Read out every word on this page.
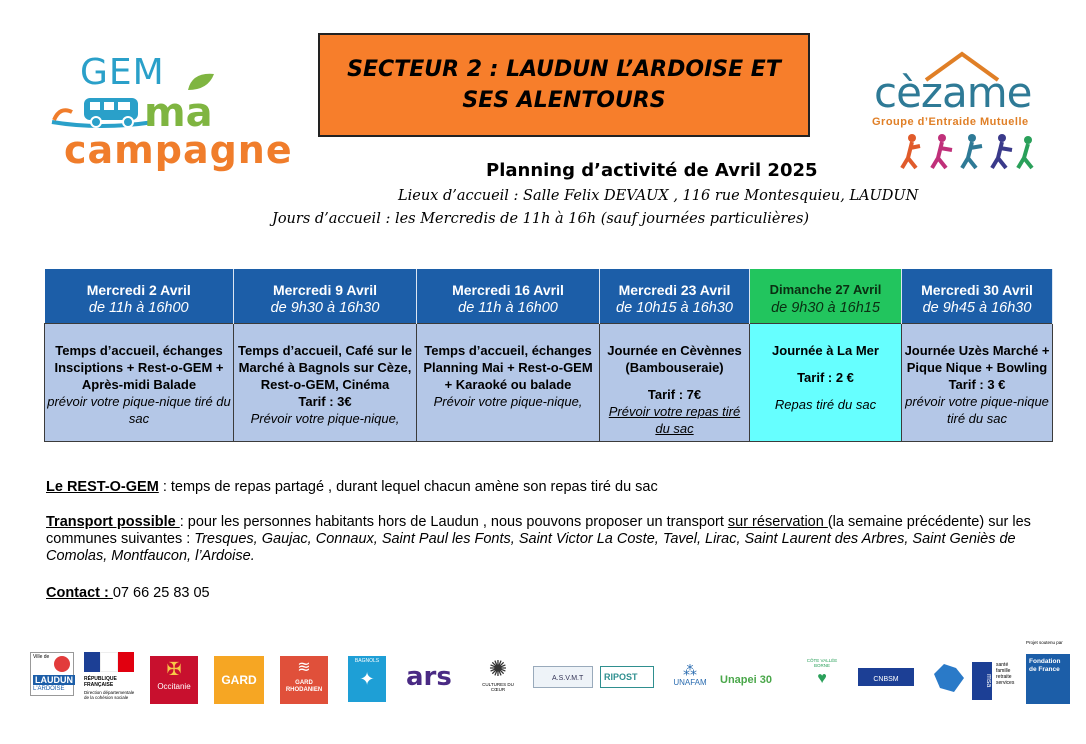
GEM
ma
campagne
SECTEUR 2 : LAUDUN L’ARDOISE ET SES ALENTOURS	cèzame
Groupe d’Entraide Mutuelle
Planning d’activité de Avril 2025
Lieux d’accueil : Salle Felix DEVAUX , 116 rue Montesquieu, LAUDUN
Jours d’accueil : les Mercredis de 11h à 16h (sauf journées particulières)
Mercredi 2 Avril
de 11h à 16h00	Mercredi 9 Avril
de 9h30 à 16h30	Mercredi 16 Avril
de 11h à 16h00	Mercredi 23 Avril
de 10h15 à 16h30	Dimanche 27 Avril
de 9h30 à 16h15	Mercredi 30 Avril
de 9h45 à 16h30

Temps d’accueil, échanges Insciptions + Rest-o-GEM + Après-midi Balade
prévoir votre pique-nique tiré du sac	Temps d’accueil, Café sur le Marché à Bagnols sur Cèze, Rest-o-GEM, Cinéma
Tarif : 3€
Prévoir votre pique-nique,	Temps d’accueil, échanges Planning Mai + Rest-o-GEM + Karaoké ou balade
Prévoir votre pique-nique,	Journée en Cèvènnes (Bambouseraie)
Tarif : 7€
Prévoir votre repas tiré du sac	Journée à La Mer
Tarif : 2 €
Repas tiré du sac	Journée Uzès Marché + Pique Nique + Bowling
Tarif : 3 €
prévoir votre pique-nique tiré du sac
Le REST-O-GEM : temps de repas partagé , durant lequel chacun amène son repas tiré du sac
Transport possible : pour les personnes habitants hors de Laudun , nous pouvons proposer un transport sur réservation (la semaine précédente) sur les communes suivantes : Tresques, Gaujac, Connaux, Saint Paul les Fonts, Saint Victor La Coste, Tavel, Lirac, Saint Laurent des Arbres, Saint Geniès de Comolas, Montfaucon, l’Ardoise.
Contact : 07 66 25 83 05
Ville de
LAUDUN
L'ARDOISE
RÉPUBLIQUE FRANÇAISE
Direction départementale de la cohésion sociale
✠
Occitanie	GARD
≋
GARD RHODANIEN
BAGNOLS
✦	ars	✺
CULTURES DU CŒUR
A.S.V.M.T	RIPOST	⁂
UNAFAM	Unapei 30
CÔTE VALLÉE BORNE
♥	CNBSM	msa
santé
famille
retraite
services
Projet soutenu par
Fondation de France
